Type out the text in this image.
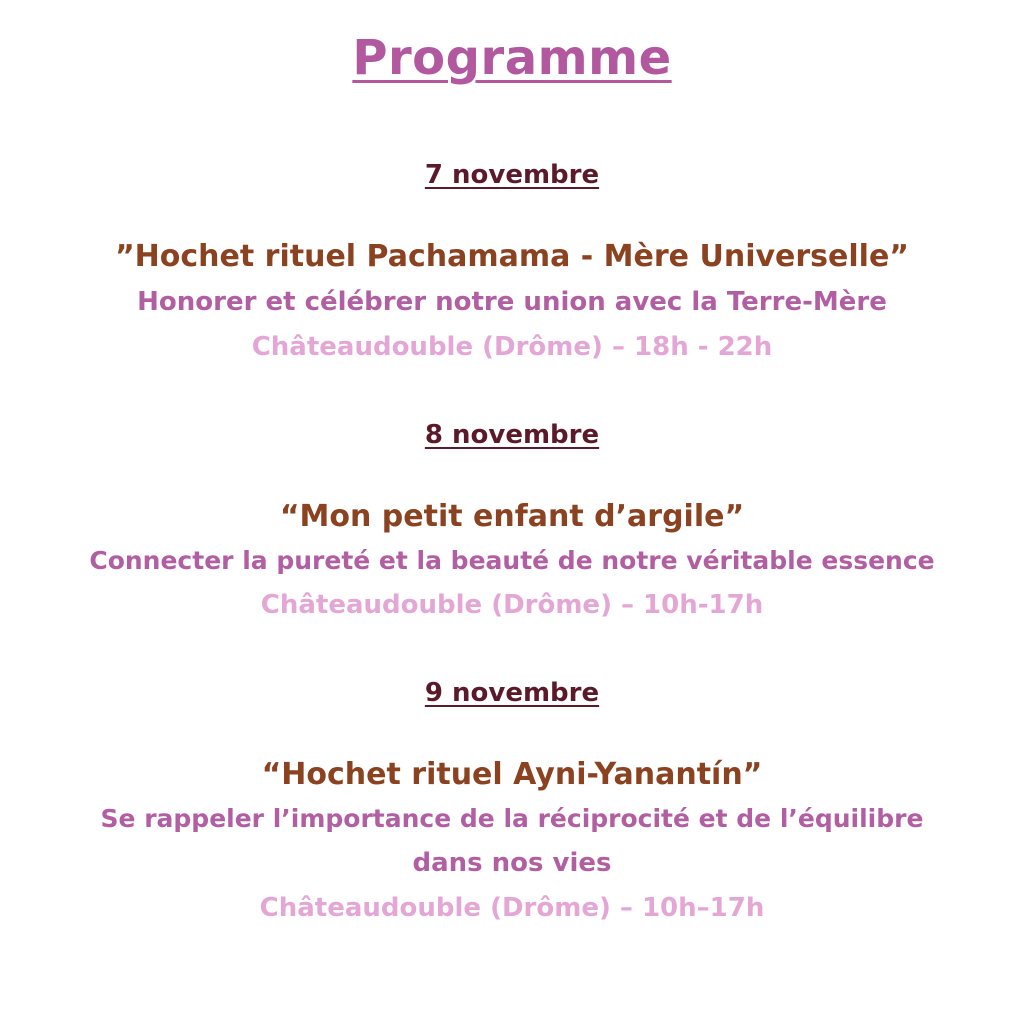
Programme
7 novembre
”Hochet rituel Pachamama - Mère Universelle”
Honorer et célébrer notre union avec la Terre-Mère
Châteaudouble (Drôme) – 18h - 22h
8 novembre
“Mon petit enfant d’argile”
Connecter la pureté et la beauté de notre véritable essence
Châteaudouble (Drôme) – 10h-17h
9 novembre
“Hochet rituel Ayni-Yanantín”
Se rappeler l’importance de la réciprocité et de l’équilibre
dans nos vies
Châteaudouble (Drôme) – 10h–17h
